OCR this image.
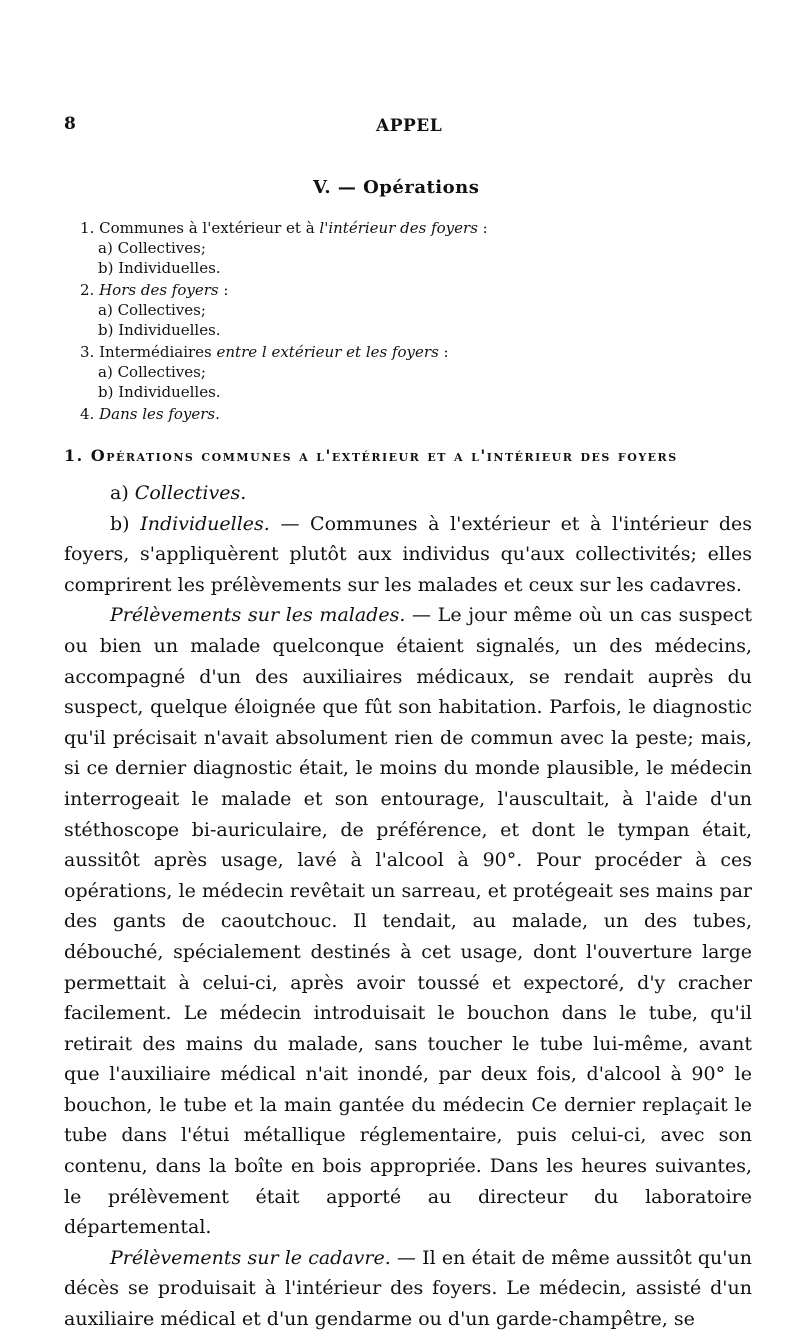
8	APPEL
V. — Opérations
1. Communes à l'extérieur et à l'intérieur des foyers :
a) Collectives;
b) Individuelles.
2. Hors des foyers :
a) Collectives;
b) Individuelles.
3. Intermédiaires entre l extérieur et les foyers :
a) Collectives;
b) Individuelles.
4. Dans les foyers.
1. Opérations communes a l'extérieur et a l'intérieur des foyers

a) Collectives.

b) Individuelles. — Communes à l'extérieur et à l'intérieur des foyers, s'appliquèrent plutôt aux individus qu'aux collectivités; elles comprirent les prélèvements sur les malades et ceux sur les cadavres.

Prélèvements sur les malades. — Le jour même où un cas suspect ou bien un malade quelconque étaient signalés, un des médecins, accompagné d'un des auxiliaires médicaux, se rendait auprès du suspect, quelque éloignée que fût son habitation. Parfois, le diagnostic qu'il précisait n'avait absolument rien de commun avec la peste; mais, si ce dernier diagnostic était, le moins du monde plausible, le médecin interrogeait le malade et son entourage, l'auscultait, à l'aide d'un stéthoscope bi-auriculaire, de préférence, et dont le tympan était, aussitôt après usage, lavé à l'alcool à 90°. Pour procéder à ces opérations, le médecin revêtait un sarreau, et protégeait ses mains par des gants de caoutchouc. Il tendait, au malade, un des tubes, débouché, spécialement destinés à cet usage, dont l'ouverture large permettait à celui-ci, après avoir toussé et expectoré, d'y cracher facilement. Le médecin introduisait le bouchon dans le tube, qu'il retirait des mains du malade, sans toucher le tube lui-même, avant que l'auxiliaire médical n'ait inondé, par deux fois, d'alcool à 90° le bouchon, le tube et la main gantée du médecin Ce dernier replaçait le tube dans l'étui métallique réglementaire, puis celui-ci, avec son contenu, dans la boîte en bois appropriée. Dans les heures suivantes, le prélèvement était apporté au directeur du laboratoire départemental.

Prélèvements sur le cadavre. — Il en était de même aussitôt qu'un décès se produisait à l'intérieur des foyers. Le médecin, assisté d'un auxiliaire médical et d'un gendarme ou d'un garde-champêtre, se
